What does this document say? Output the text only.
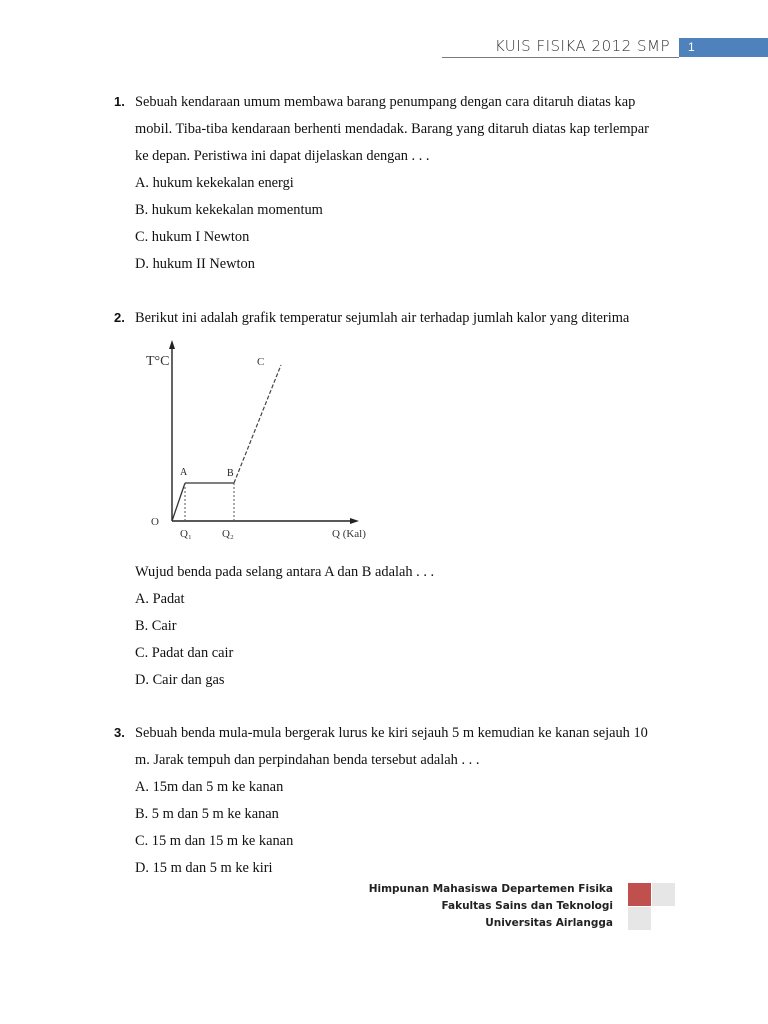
KUIS FISIKA 2012 SMP	1
1. Sebuah kendaraan umum membawa barang penumpang dengan cara ditaruh diatas kap
mobil. Tiba-tiba kendaraan berhenti mendadak. Barang yang ditaruh diatas kap terlempar
ke depan. Peristiwa ini dapat dijelaskan dengan . . .
A. hukum kekekalan energi
B. hukum kekekalan momentum
C. hukum I Newton
D. hukum II Newton
2. Berikut ini adalah grafik temperatur sejumlah air terhadap jumlah kalor yang diterima
Wujud benda pada selang antara A dan B adalah . . .
A. Padat
B. Cair
C. Padat dan cair
D. Cair dan gas
T°C
O
A	B
C
Q₁	Q₂	Q (Kal)
3. Sebuah benda mula-mula bergerak lurus ke kiri sejauh 5 m kemudian ke kanan sejauh 10
m. Jarak tempuh dan perpindahan benda tersebut adalah . . .
A. 15m dan 5 m ke kanan
B. 5 m dan 5 m ke kanan
C. 15 m dan 15 m ke kanan
D. 15 m dan 5 m ke kiri
Himpunan Mahasiswa Departemen Fisika
Fakultas Sains dan Teknologi
Universitas Airlangga
